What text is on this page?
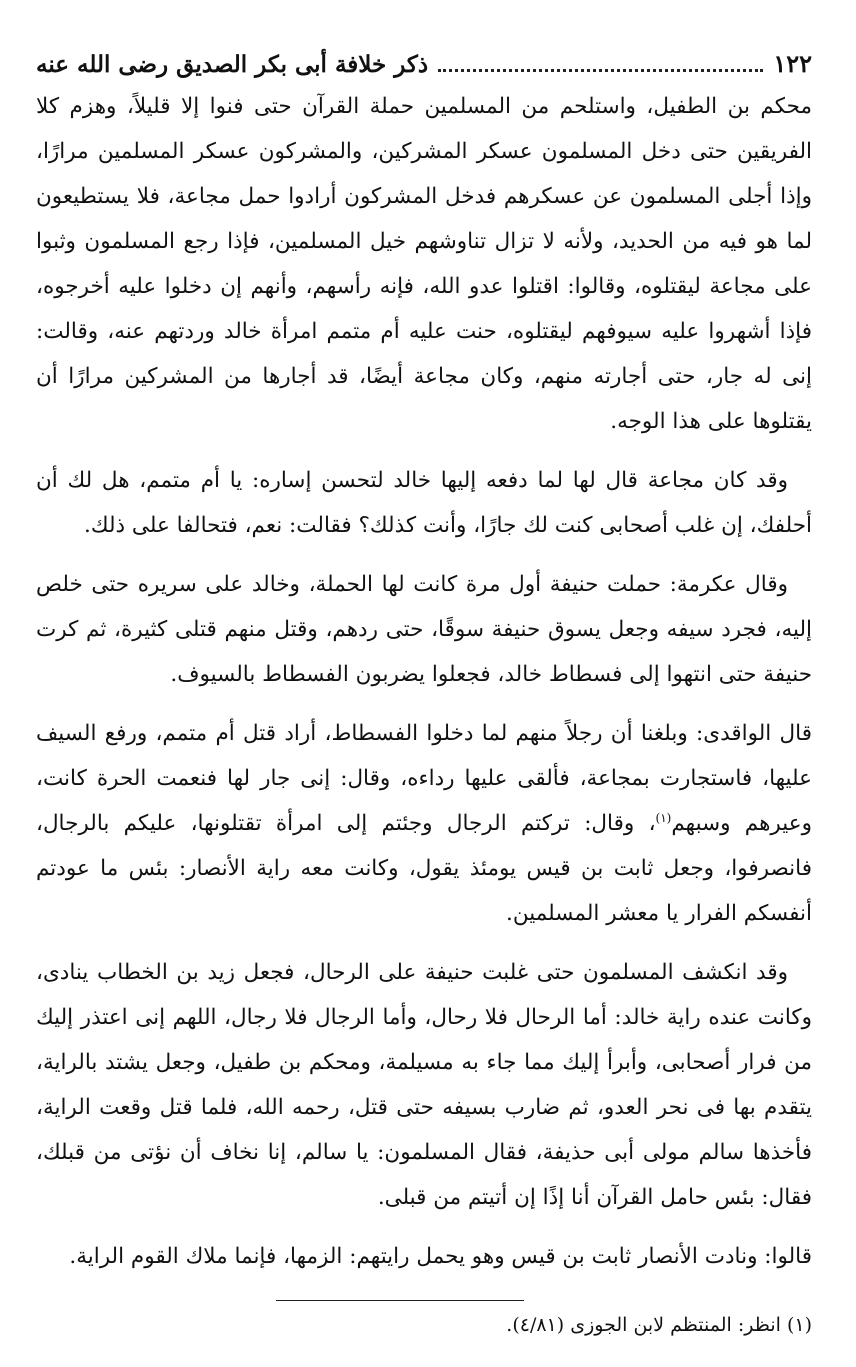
١٢٢
ذكر خلافة أبى بكر الصديق رضى الله عنه

محكم بن الطفيل، واستلحم من المسلمين حملة القرآن حتى فنوا إلا قليلاً، وهزم كلا الفريقين حتى دخل المسلمون عسكر المشركين، والمشركون عسكر المسلمين مرارًا، وإذا أجلى المسلمون عن عسكرهم فدخل المشركون أرادوا حمل مجاعة، فلا يستطيعون لما هو فيه من الحديد، ولأنه لا تزال تناوشهم خيل المسلمين، فإذا رجع المسلمون وثبوا على مجاعة ليقتلوه، وقالوا: اقتلوا عدو الله، فإنه رأسهم، وأنهم إن دخلوا عليه أخرجوه، فإذا أشهروا عليه سيوفهم ليقتلوه، حنت عليه أم متمم امرأة خالد وردتهم عنه، وقالت: إنى له جار، حتى أجارته منهم، وكان مجاعة أيضًا، قد أجارها من المشركين مرارًا أن يقتلوها على هذا الوجه.

وقد كان مجاعة قال لها لما دفعه إليها خالد لتحسن إساره: يا أم متمم، هل لك أن أحلفك، إن غلب أصحابى كنت لك جارًا، وأنت كذلك؟ فقالت: نعم، فتحالفا على ذلك.

وقال عكرمة: حملت حنيفة أول مرة كانت لها الحملة، وخالد على سريره حتى خلص إليه، فجرد سيفه وجعل يسوق حنيفة سوقًا، حتى ردهم، وقتل منهم قتلى كثيرة، ثم كرت حنيفة حتى انتهوا إلى فسطاط خالد، فجعلوا يضربون الفسطاط بالسيوف.

قال الواقدى: وبلغنا أن رجلاً منهم لما دخلوا الفسطاط، أراد قتل أم متمم، ورفع السيف عليها، فاستجارت بمجاعة، فألقى عليها رداءه، وقال: إنى جار لها فنعمت الحرة كانت، وعيرهم وسبهم$^{(١)}$، وقال: تركتم الرجال وجئتم إلى امرأة تقتلونها، عليكم بالرجال، فانصرفوا، وجعل ثابت بن قيس يومئذ يقول، وكانت معه راية الأنصار: بئس ما عودتم أنفسكم الفرار يا معشر المسلمين.

وقد انكشف المسلمون حتى غلبت حنيفة على الرحال، فجعل زيد بن الخطاب ينادى، وكانت عنده راية خالد: أما الرحال فلا رحال، وأما الرجال فلا رجال، اللهم إنى اعتذر إليك من فرار أصحابى، وأبرأ إليك مما جاء به مسيلمة، ومحكم بن طفيل، وجعل يشتد بالراية، يتقدم بها فى نحر العدو، ثم ضارب بسيفه حتى قتل، رحمه الله، فلما قتل وقعت الراية، فأخذها سالم مولى أبى حذيفة، فقال المسلمون: يا سالم، إنا نخاف أن نؤتى من قبلك، فقال: بئس حامل القرآن أنا إذًا إن أتيتم من قبلى.

قالوا: ونادت الأنصار ثابت بن قيس وهو يحمل رايتهم: الزمها، فإنما ملاك القوم الراية.

(١) انظر: المنتظم لابن الجوزى (٤/٨١).
